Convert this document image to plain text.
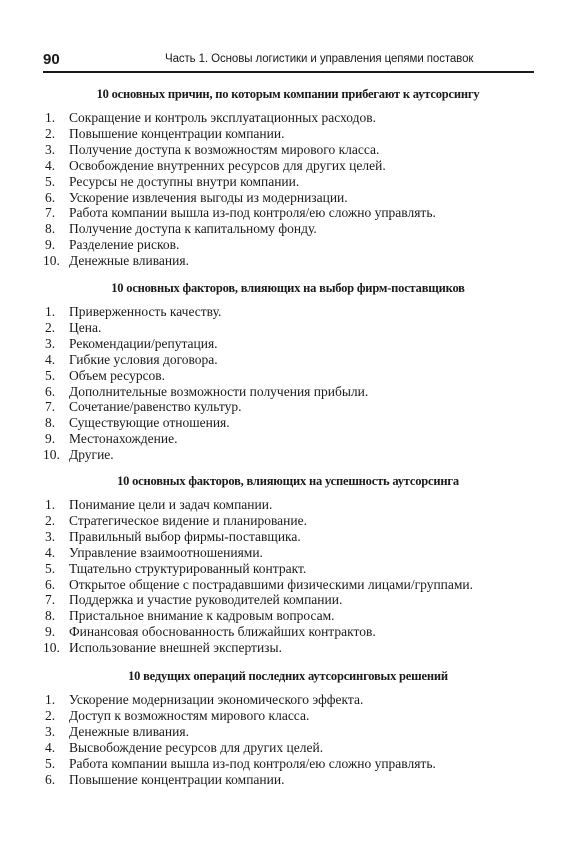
90	Часть 1. Основы логистики и управления цепями поставок
10 основных причин, по которым компании прибегают к аутсорсингу
1.	Сокращение и контроль эксплуатационных расходов.
2.	Повышение концентрации компании.
3.	Получение доступа к возможностям мирового класса.
4.	Освобождение внутренних ресурсов для других целей.
5.	Ресурсы не доступны внутри компании.
6.	Ускорение извлечения выгоды из модернизации.
7.	Работа компании вышла из-под контроля/ею сложно управлять.
8.	Получение доступа к капитальному фонду.
9.	Разделение рисков.
10. Денежные вливания.
10 основных факторов, влияющих на выбор фирм-поставщиков
1.	Приверженность качеству.
2.	Цена.
3.	Рекомендации/репутация.
4.	Гибкие условия договора.
5.	Объем ресурсов.
6.	Дополнительные возможности получения прибыли.
7.	Сочетание/равенство культур.
8.	Существующие отношения.
9.	Местонахождение.
10. Другие.
10 основных факторов, влияющих на успешность аутсорсинга
1.	Понимание цели и задач компании.
2.	Стратегическое видение и планирование.
3.	Правильный выбор фирмы-поставщика.
4.	Управление взаимоотношениями.
5.	Тщательно структурированный контракт.
6.	Открытое общение с пострадавшими физическими лицами/группами.
7.	Поддержка и участие руководителей компании.
8.	Пристальное внимание к кадровым вопросам.
9.	Финансовая обоснованность ближайших контрактов.
10. Использование внешней экспертизы.
10 ведущих операций последних аутсорсинговых решений
1.	Ускорение модернизации экономического эффекта.
2.	Доступ к возможностям мирового класса.
3.	Денежные вливания.
4.	Высвобождение ресурсов для других целей.
5.	Работа компании вышла из-под контроля/ею сложно управлять.
6.	Повышение концентрации компании.
